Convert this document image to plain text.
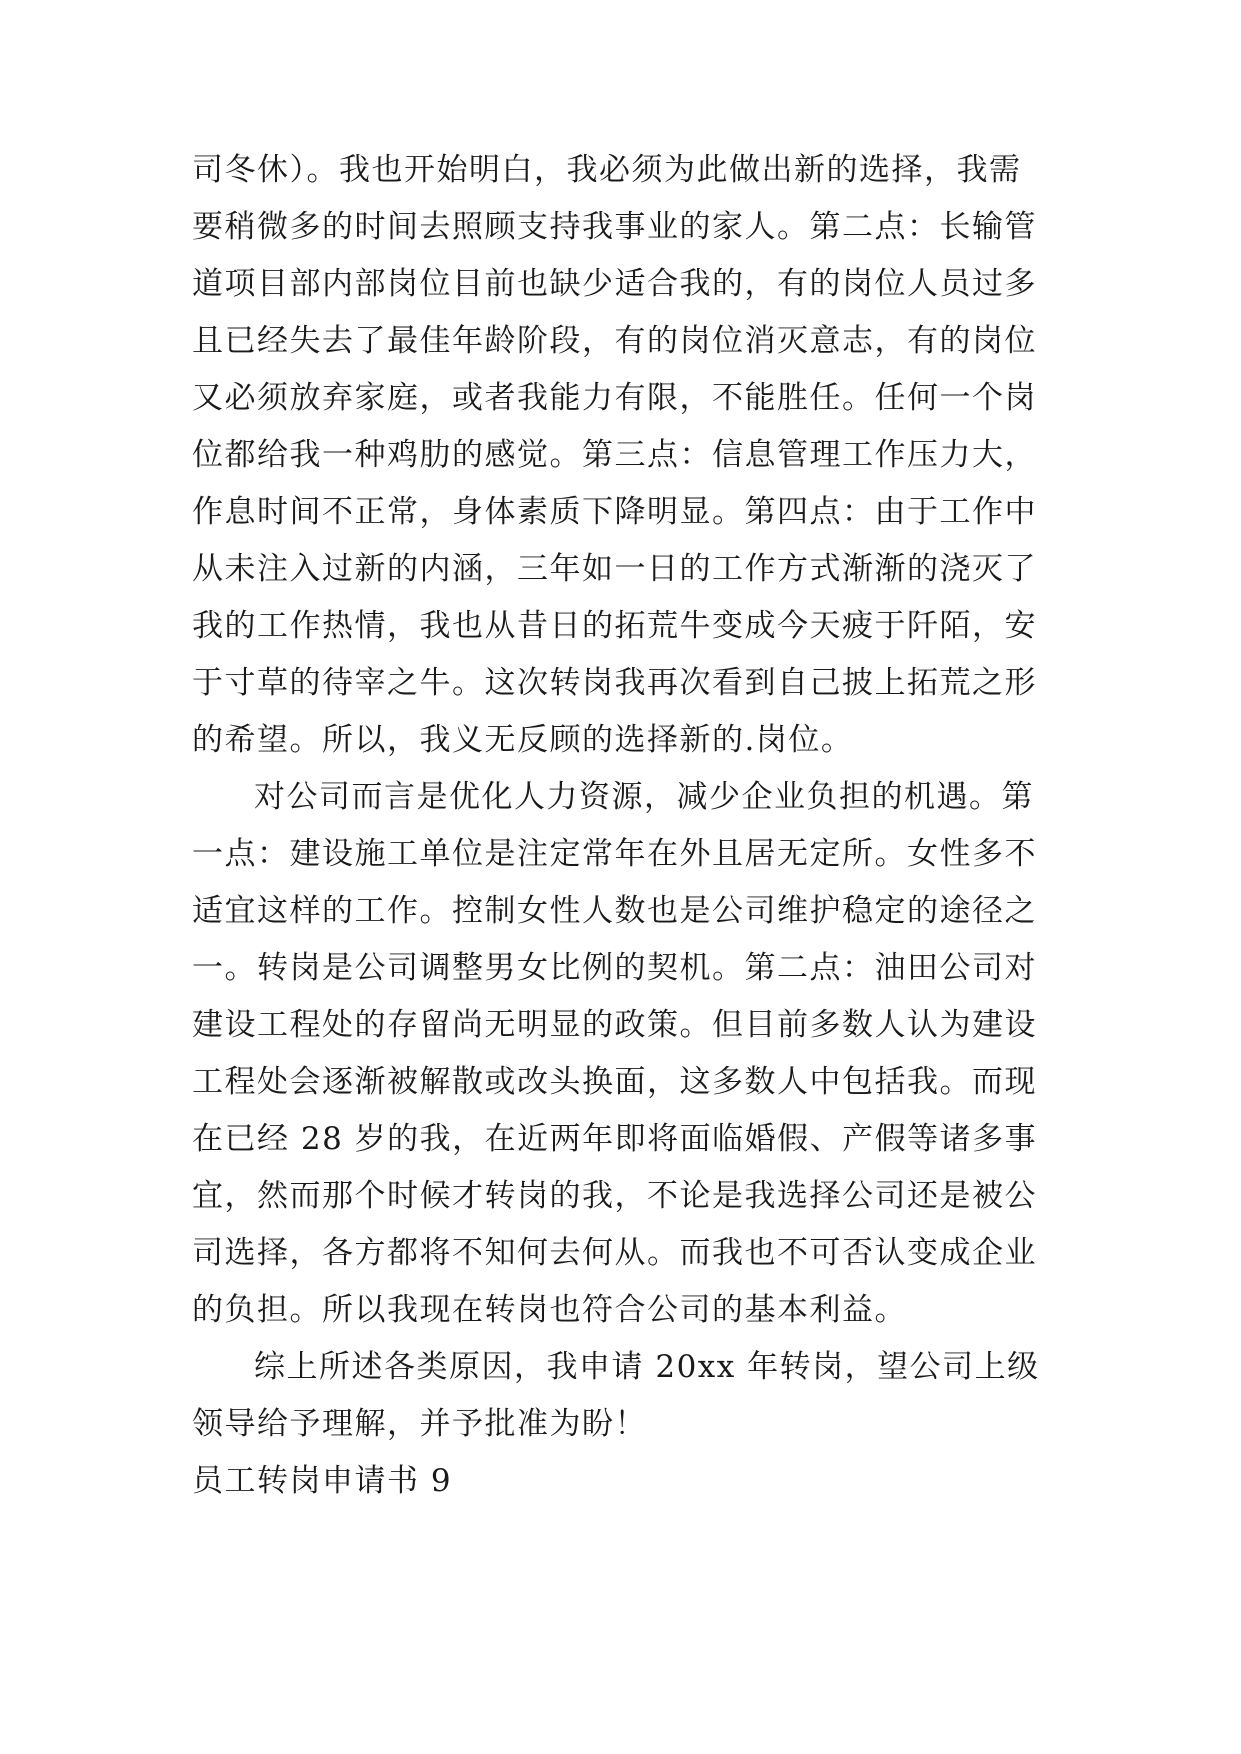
司冬休）。我也开始明白，我必须为此做出新的选择，我需
要稍微多的时间去照顾支持我事业的家人。第二点：长输管
道项目部内部岗位目前也缺少适合我的，有的岗位人员过多
且已经失去了最佳年龄阶段，有的岗位消灭意志，有的岗位
又必须放弃家庭，或者我能力有限，不能胜任。任何一个岗
位都给我一种鸡肋的感觉。第三点：信息管理工作压力大，
作息时间不正常，身体素质下降明显。第四点：由于工作中
从未注入过新的内涵，三年如一日的工作方式渐渐的浇灭了
我的工作热情，我也从昔日的拓荒牛变成今天疲于阡陌，安
于寸草的待宰之牛。这次转岗我再次看到自己披上拓荒之形
的希望。所以，我义无反顾的选择新的.岗位。
对公司而言是优化人力资源，减少企业负担的机遇。第
一点：建设施工单位是注定常年在外且居无定所。女性多不
适宜这样的工作。控制女性人数也是公司维护稳定的途径之
一。转岗是公司调整男女比例的契机。第二点：油田公司对
建设工程处的存留尚无明显的政策。但目前多数人认为建设
工程处会逐渐被解散或改头换面，这多数人中包括我。而现
在已经 28 岁的我，在近两年即将面临婚假、产假等诸多事
宜，然而那个时候才转岗的我，不论是我选择公司还是被公
司选择，各方都将不知何去何从。而我也不可否认变成企业
的负担。所以我现在转岗也符合公司的基本利益。
综上所述各类原因，我申请 20xx 年转岗，望公司上级
领导给予理解，并予批准为盼！
员工转岗申请书 9
